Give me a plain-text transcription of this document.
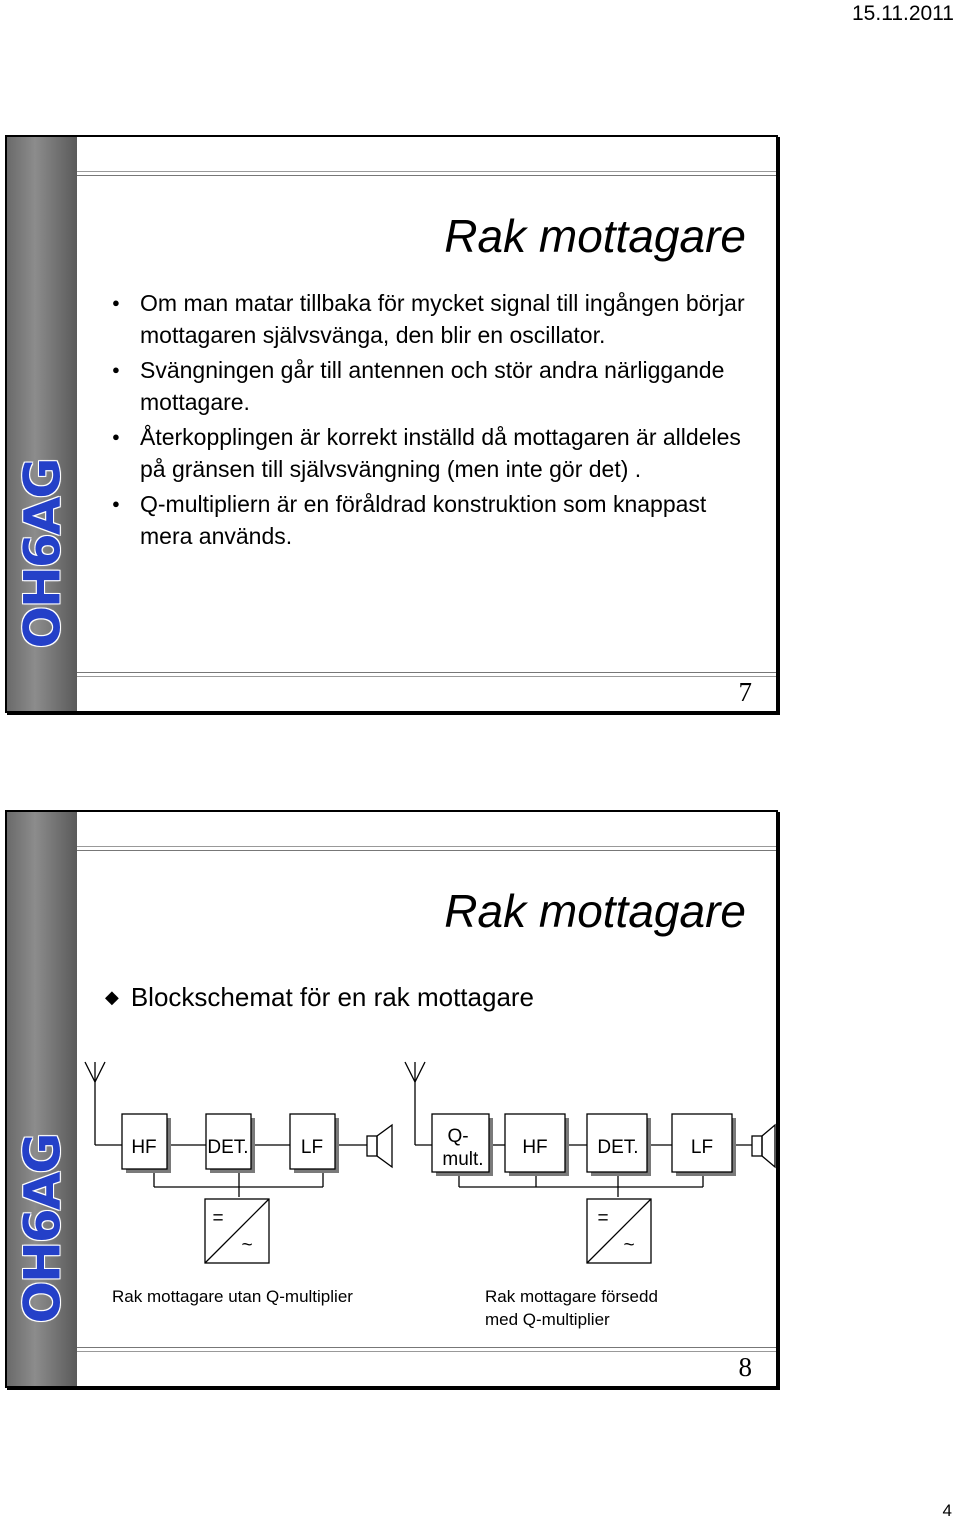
15.11.2011
OH6AG
Rak mottagare
● Om man matar tillbaka för mycket signal till ingången börjar mottagaren självsvänga, den blir en oscillator.
● Svängningen går till antennen och stör andra närliggande mottagare.
● Återkopplingen är korrekt inställd då mottagaren är alldeles på gränsen till självsvängning (men inte gör det) .
● Q-multipliern är en föråldrad konstruktion som knappast mera används.
7
OH6AG
Rak mottagare
◆ Blockschemat för en rak mottagare
HF	DET.	LF
=
~
Q-
mult.
HF	DET.	LF
=
~
Rak mottagare utan Q-multiplier	Rak mottagare försedd
med Q-multiplier
8
4
